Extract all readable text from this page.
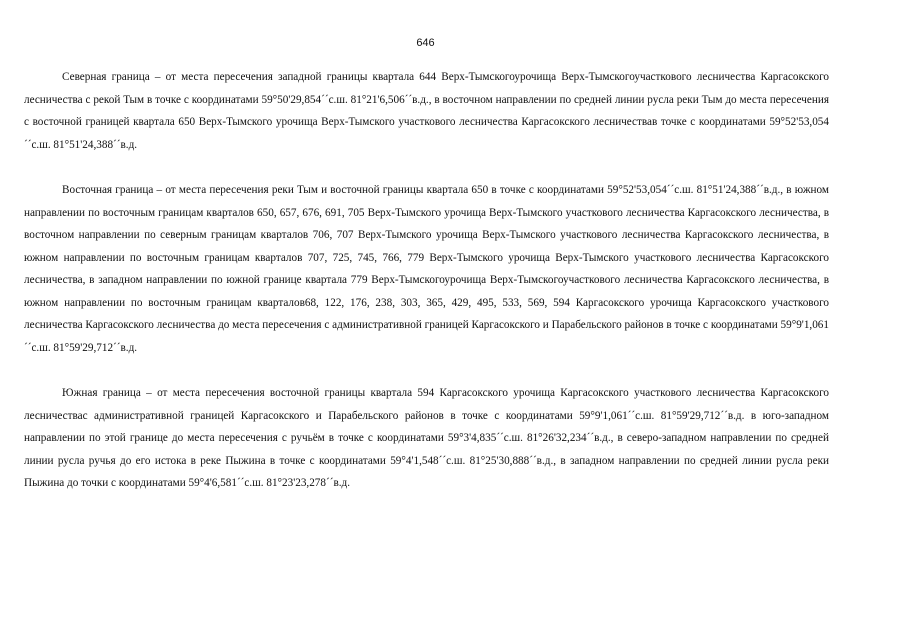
646

Северная граница – от места пересечения западной границы квартала 644 Верх-Тымскогоурочища Верх-Тымскогоучасткового лесничества Каргасокского лесничества с рекой Тым в точке с координатами 59°50'29,854´´с.ш. 81°21'6,506´´в.д., в восточном направлении по средней линии русла реки Тым до места пересечения с восточной границей квартала 650 Верх-Тымского урочища Верх-Тымского участкового лесничества Каргасокского лесничествав точке с координатами 59°52'53,054´´с.ш. 81°51'24,388´´в.д.

Восточная граница – от места пересечения реки Тым и восточной границы квартала 650 в точке с координатами 59°52'53,054´´с.ш. 81°51'24,388´´в.д., в южном направлении по восточным границам кварталов 650, 657, 676, 691, 705 Верх-Тымского урочища Верх-Тымского участкового лесничества Каргасокского лесничества, в восточном направлении по северным границам кварталов 706, 707 Верх-Тымского урочища Верх-Тымского участкового лесничества Каргасокского лесничества, в южном направлении по восточным границам кварталов 707, 725, 745, 766, 779 Верх-Тымского урочища Верх-Тымского участкового лесничества Каргасокского лесничества, в западном направлении по южной границе квартала 779 Верх-Тымскогоурочища Верх-Тымскогоучасткового лесничества Каргасокского лесничества, в южном направлении по восточным границам кварталов68, 122, 176, 238, 303, 365, 429, 495, 533, 569, 594 Каргасокского урочища Каргасокского участкового лесничества Каргасокского лесничества до места пересечения с административной границей Каргасокского и Парабельского районов в точке с координатами 59°9'1,061´´с.ш. 81°59'29,712´´в.д.

Южная граница – от места пересечения восточной границы квартала 594 Каргасокского урочища Каргасокского участкового лесничества Каргасокского лесничествас административной границей Каргасокского и Парабельского районов в точке с координатами 59°9'1,061´´с.ш. 81°59'29,712´´в.д. в юго-западном направлении по этой границе до места пересечения с ручьём в точке с координатами 59°3'4,835´´с.ш. 81°26'32,234´´в.д., в северо-западном направлении по средней линии русла ручья до его истока в реке Пыжина в точке с координатами 59°4'1,548´´с.ш. 81°25'30,888´´в.д., в западном направлении по средней линии русла реки Пыжина до точки с координатами 59°4'6,581´´с.ш. 81°23'23,278´´в.д.
